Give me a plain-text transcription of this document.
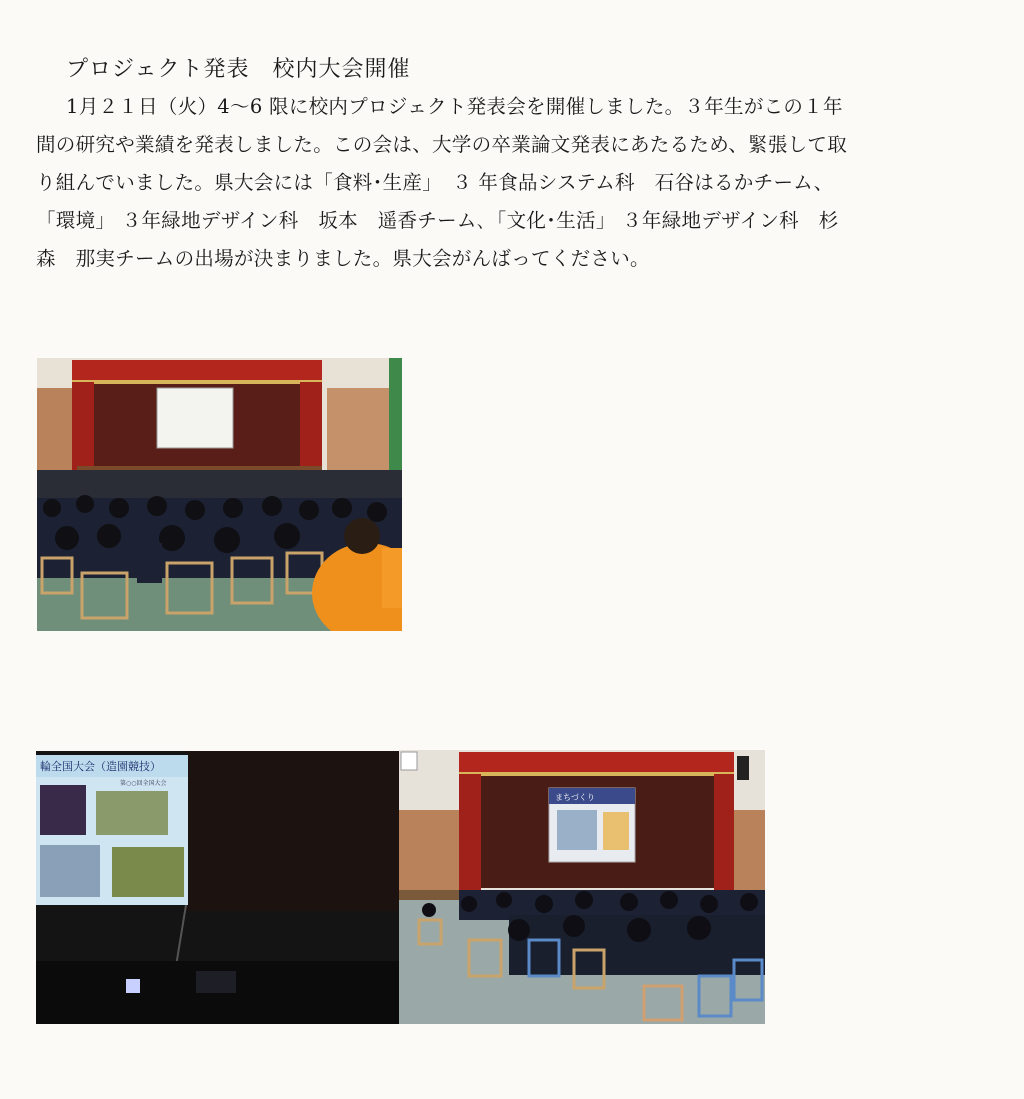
プロジェクト発表　校内大会開催
1月２１日（火）4〜6 限に校内プロジェクト発表会を開催しました。３年生がこの１年
間の研究や業績を発表しました。この会は、大学の卒業論文発表にあたるため、緊張して取
り組んでいました。県大会には「食料･生産」　３ 年食品システム科　石谷はるかチーム、
「環境」 ３年緑地デザイン科　坂本　遥香チーム､「文化･生活」 ３年緑地デザイン科　杉
森　那実チームの出場が決まりました。県大会がんばってください。
輪全国大会（造園競技）
第○○回全国大会
まちづくり
